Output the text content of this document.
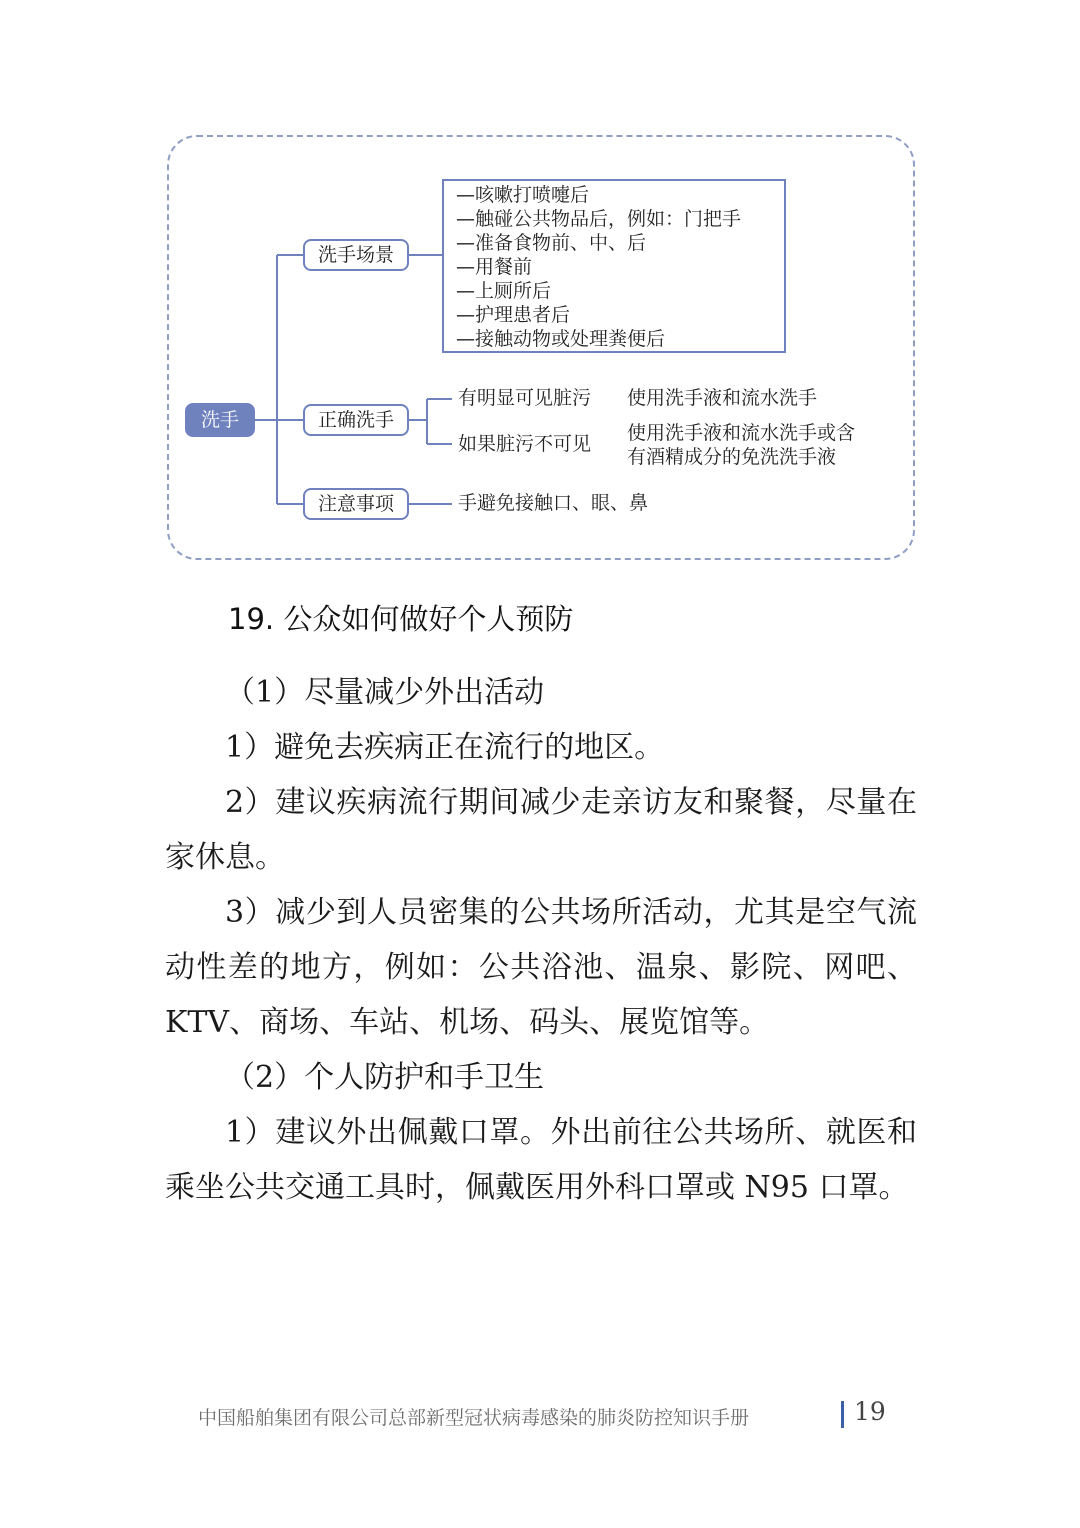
洗手
洗手场景
正确洗手
注意事项
—咳嗽打喷嚏后
—触碰公共物品后，例如：门把手
—准备食物前、中、后
—用餐前
—上厕所后
—护理患者后
—接触动物或处理粪便后
有明显可见脏污 使用洗手液和流水洗手
如果脏污不可见 使用洗手液和流水洗手或含
有酒精成分的免洗洗手液
手避免接触口、眼、鼻
19. 公众如何做好个人预防
（1）尽量减少外出活动
1）避免去疾病正在流行的地区。
2）建议疾病流行期间减少走亲访友和聚餐，尽量在家休息。
3）减少到人员密集的公共场所活动，尤其是空气流动性差的地方，例如：公共浴池、温泉、影院、网吧、 KTV、商场、车站、机场、码头、展览馆等。
（2）个人防护和手卫生
1）建议外出佩戴口罩。外出前往公共场所、就医和乘坐公共交通工具时，佩戴医用外科口罩或 N95 口罩。
中国船舶集团有限公司总部新型冠状病毒感染的肺炎防控知识手册	19
